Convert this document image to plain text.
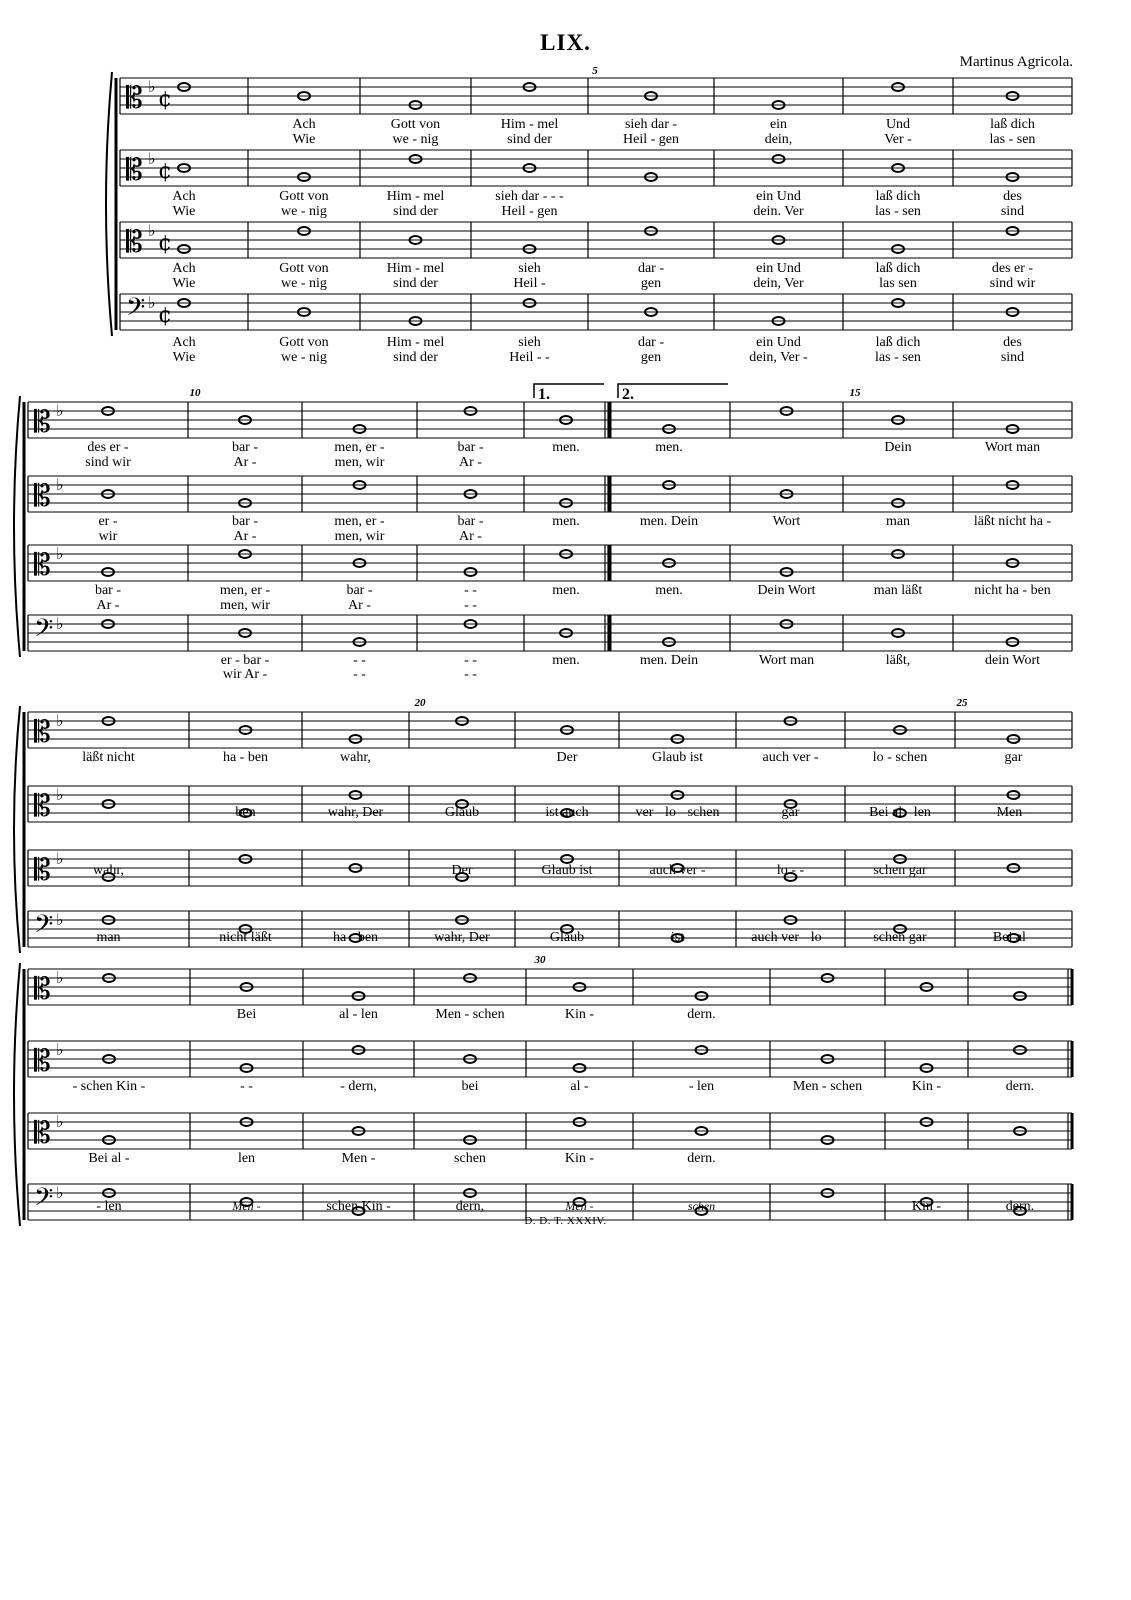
LIX.
Martinus Agricola.
𝄡 ♭
¢
Ach	Gott von	Him - mel	sieh dar -	ein	Und	laß dich
Wie	we - nig	sind der	Heil - gen	dein,	Ver -	las - sen
𝄡 ♭
¢
Ach	Gott von	Him - mel	sieh dar - - -	ein Und	laß dich	des
Wie	we - nig	sind der	Heil - gen	dein. Ver	las - sen	sind
𝄡 ♭
¢
Ach	Gott von	Him - mel	sieh	dar -	ein Und	laß dich	des er -
Wie	we - nig	sind der	Heil -	gen	dein, Ver	las sen	sind wir
𝄢 ♭
¢
Ach	Gott von	Him - mel	sieh	dar -	ein Und	laß dich	des
Wie	we - nig	sind der	Heil - -	gen	dein, Ver -	las - sen	sind
5
𝄡 ♭
des er -	bar -	men, er -	bar -	men.	men.	Dein	Wort man
sind wir	Ar -	men, wir	Ar -
𝄡 ♭
er -	bar -	men, er -	bar -	men.	men. Dein	Wort	man	läßt nicht ha -
wir	Ar -	men, wir	Ar -
𝄡 ♭
bar -	men, er -	bar -	- -	men.	men.	Dein Wort	man läßt	nicht ha - ben
Ar -	men, wir	Ar -	- -
𝄢 ♭
er - bar -	- -	- -	men.	men. Dein	Wort man	läßt,	dein Wort
wir Ar -	- -	- -
10	15
1.	2.
𝄡 ♭
läßt nicht	ha - ben	wahr,	Der	Glaub ist	auch ver -	lo - schen	gar
𝄡 ♭
- -	ben	wahr, Der	Glaub	ist auch	ver - lo - schen	gar	Bei al - len	Men -
𝄡 ♭
wahr,	Der	Glaub ist	auch ver -	lo - -	schen gar
𝄢 ♭
man	nicht läßt	ha - ben	wahr, Der	Glaub	ist	auch ver - lo -	schen gar	Bei al -
20	25
𝄡 ♭
Bei	al - len	Men - schen	Kin -	dern.
𝄡 ♭
- schen Kin -	- -	- dern,	bei	al -	- len	Men - schen	Kin -	dern.
𝄡 ♭
Bei al -	len	Men -	schen	Kin -	dern.
𝄢 ♭
- len	Men -	schen Kin -	dern,	Men -	schen	Kin -	dern.
30
D. D. T. XXXIV.
